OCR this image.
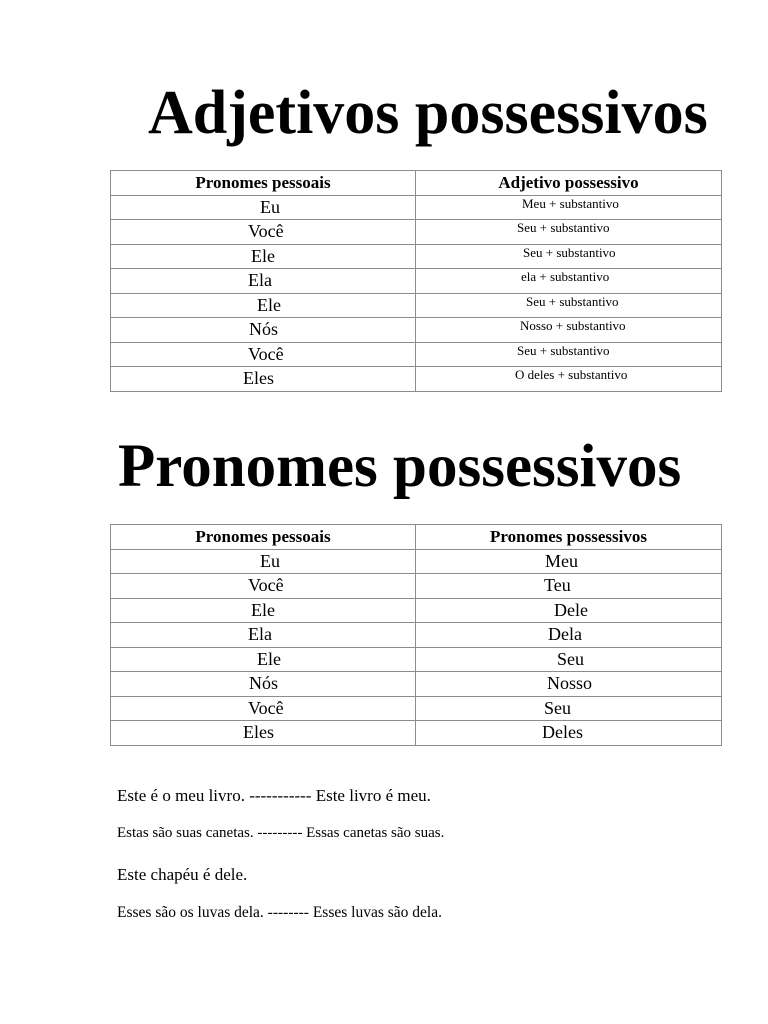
Adjetivos possessivos
Pronomes pessoais	Adjetivo possessivo

Eu	Meu + substantivo

Você	Seu + substantivo

Ele	Seu + substantivo

Ela	ela + substantivo

Ele	Seu + substantivo

Nós	Nosso + substantivo

Você	Seu + substantivo

Eles	O deles + substantivo
Pronomes possessivos
Pronomes pessoais	Pronomes possessivos

Eu	Meu

Você	Teu

Ele	Dele

Ela	Dela

Ele	Seu

Nós	Nosso

Você	Seu

Eles	Deles

Este é o meu livro. ----------- Este livro é meu.

Estas são suas canetas. --------- Essas canetas são suas.

Este chapéu é dele.

Esses são os luvas dela. -------- Esses luvas são dela.
